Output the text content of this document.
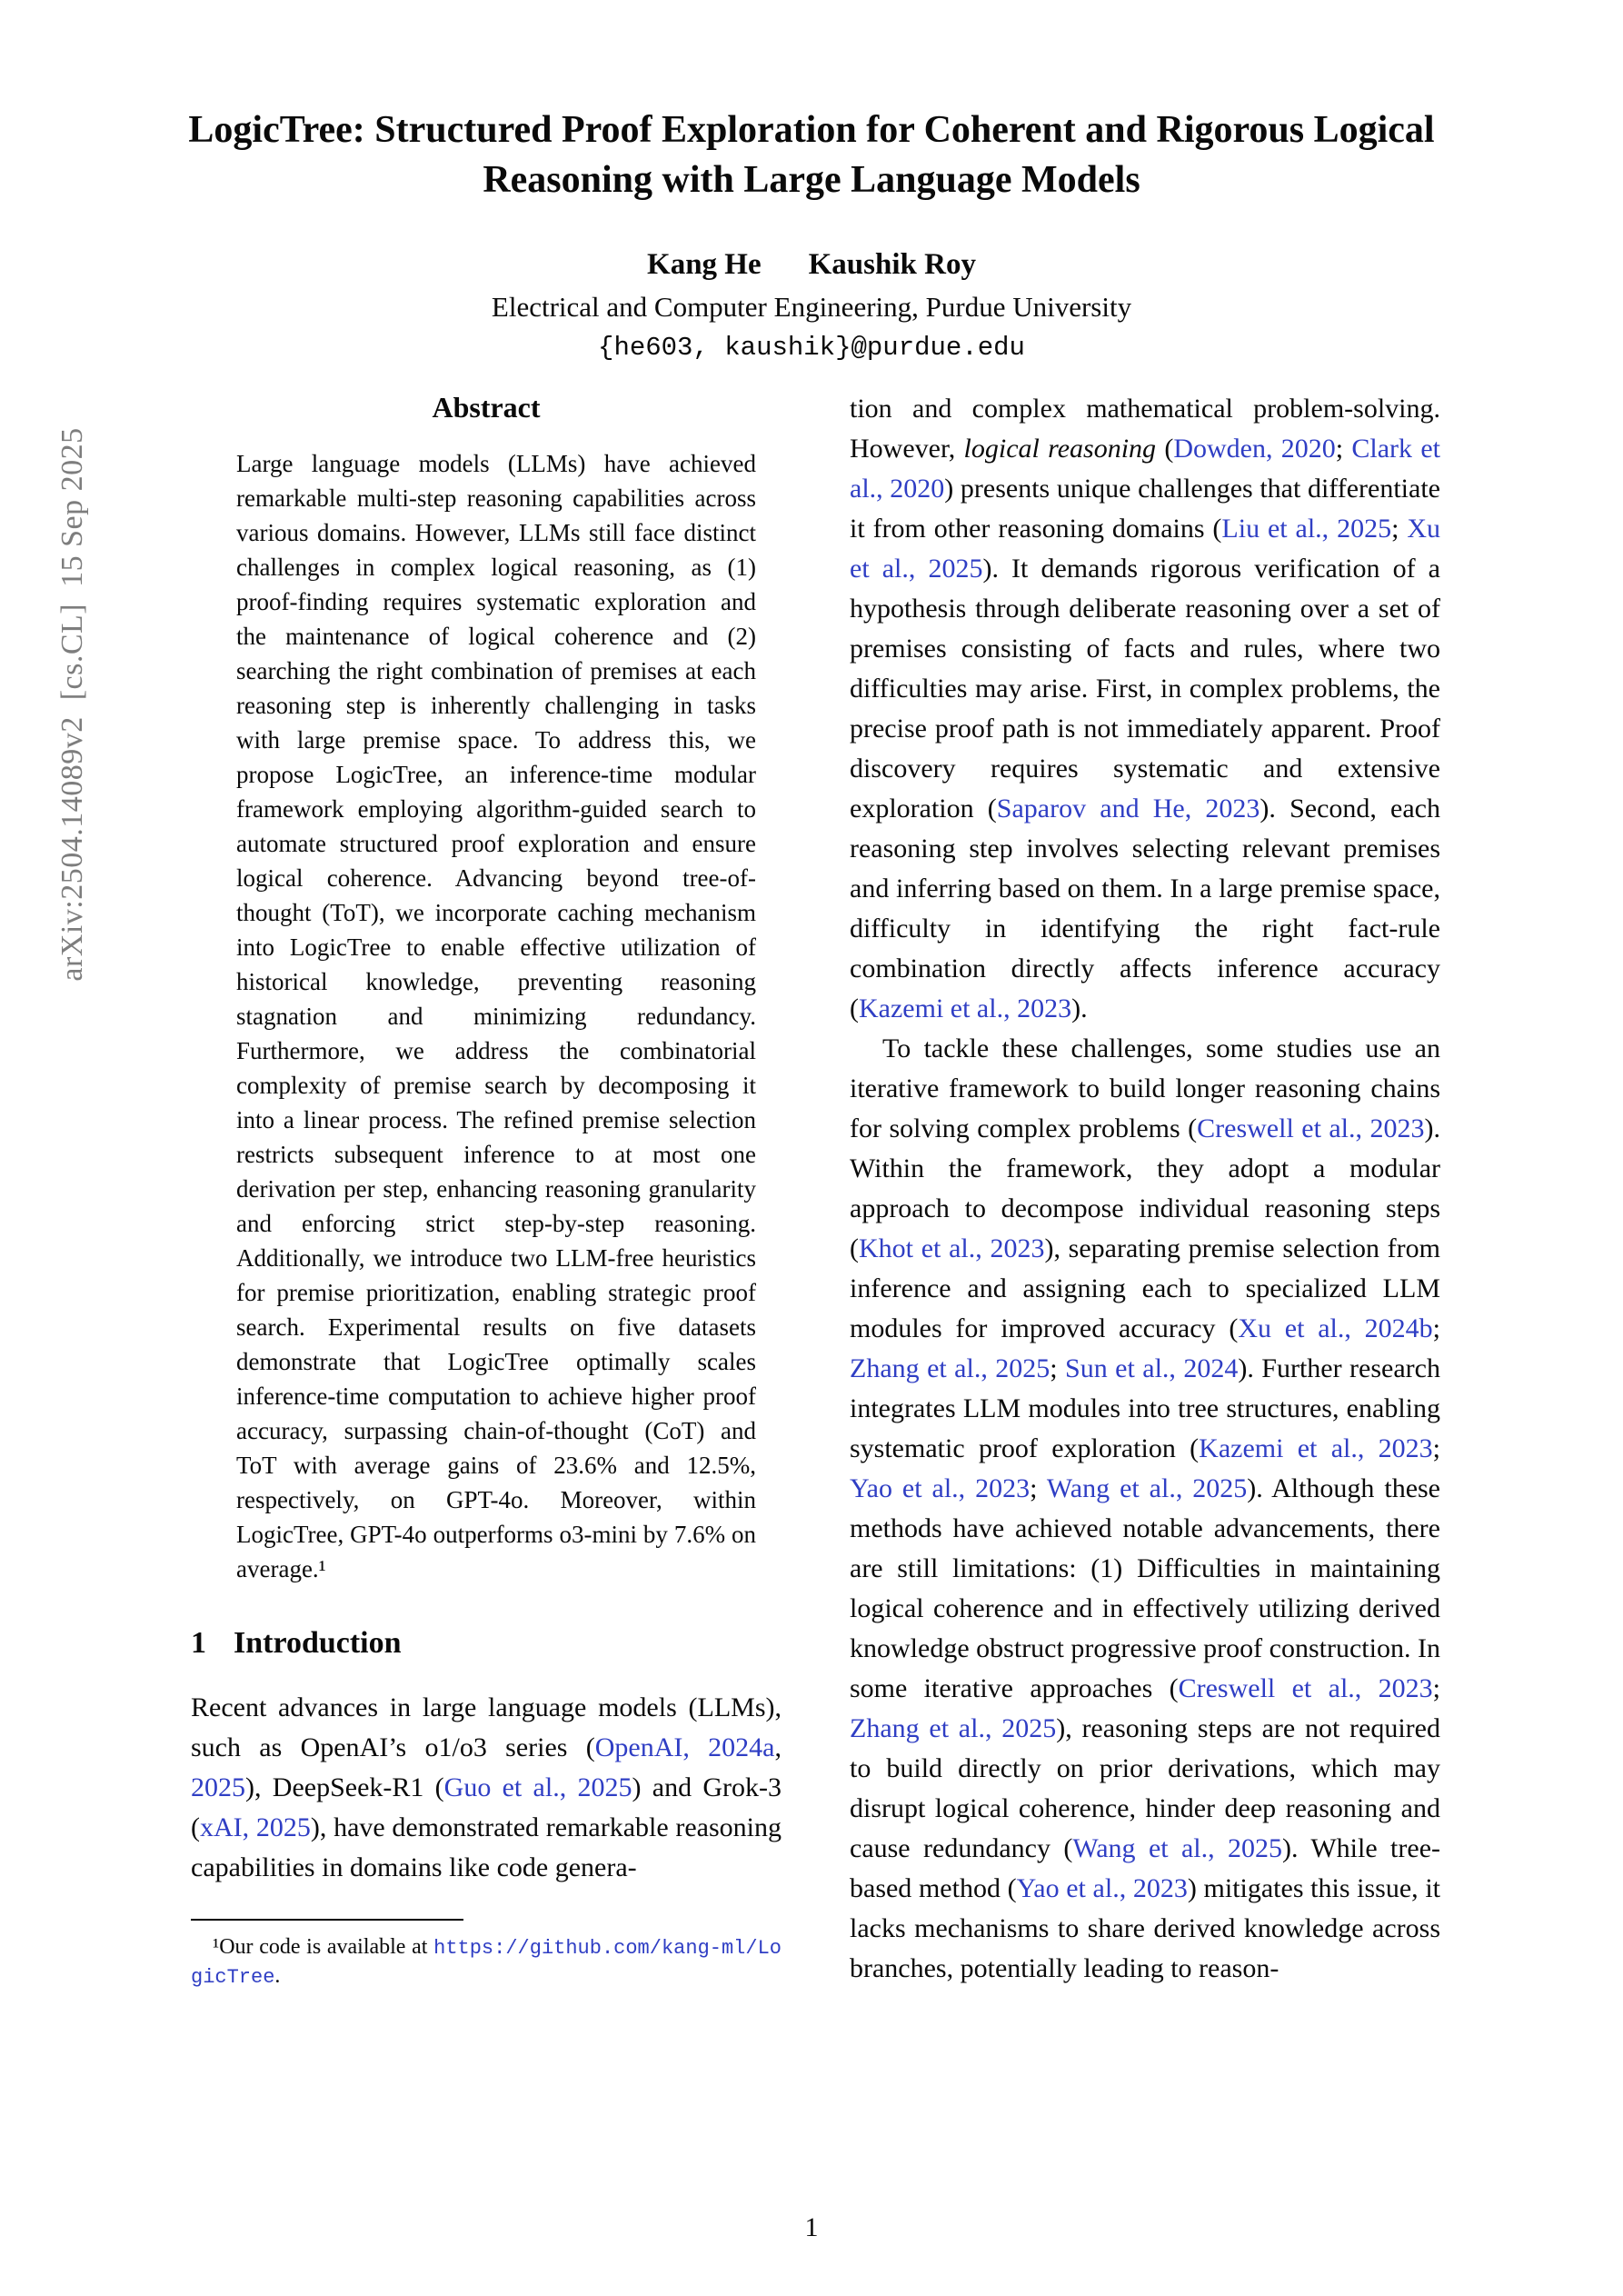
arXiv:2504.14089v2  [cs.CL]  15 Sep 2025
LogicTree: Structured Proof Exploration for Coherent and Rigorous Logical Reasoning with Large Language Models
Kang He Kaushik Roy
Electrical and Computer Engineering, Purdue University
{he603, kaushik}@purdue.edu
Abstract

Large language models (LLMs) have achieved remarkable multi-step reasoning capabilities across various domains. However, LLMs still face distinct challenges in complex logical reasoning, as (1) proof-finding requires systematic exploration and the maintenance of logical coherence and (2) searching the right combination of premises at each reasoning step is inherently challenging in tasks with large premise space. To address this, we propose LogicTree, an inference-time modular framework employing algorithm-guided search to automate structured proof exploration and ensure logical coherence. Advancing beyond tree-of-thought (ToT), we incorporate caching mechanism into LogicTree to enable effective utilization of historical knowledge, preventing reasoning stagnation and minimizing redundancy. Furthermore, we address the combinatorial complexity of premise search by decomposing it into a linear process. The refined premise selection restricts subsequent inference to at most one derivation per step, enhancing reasoning granularity and enforcing strict step-by-step reasoning. Additionally, we introduce two LLM-free heuristics for premise prioritization, enabling strategic proof search. Experimental results on five datasets demonstrate that LogicTree optimally scales inference-time computation to achieve higher proof accuracy, surpassing chain-of-thought (CoT) and ToT with average gains of 23.6% and 12.5%, respectively, on GPT-4o. Moreover, within LogicTree, GPT-4o outperforms o3-mini by 7.6% on average.¹

1 Introduction

Recent advances in large language models (LLMs), such as OpenAI’s o1/o3 series (OpenAI, 2024a, 2025), DeepSeek-R1 (Guo et al., 2025) and Grok-3 (xAI, 2025), have demonstrated remarkable reasoning capabilities in domains like code genera-

¹Our code is available at https://github.com/kang-ml/LogicTree.

tion and complex mathematical problem-solving. However, logical reasoning (Dowden, 2020; Clark et al., 2020) presents unique challenges that differentiate it from other reasoning domains (Liu et al., 2025; Xu et al., 2025). It demands rigorous verification of a hypothesis through deliberate reasoning over a set of premises consisting of facts and rules, where two difficulties may arise. First, in complex problems, the precise proof path is not immediately apparent. Proof discovery requires systematic and extensive exploration (Saparov and He, 2023). Second, each reasoning step involves selecting relevant premises and inferring based on them. In a large premise space, difficulty in identifying the right fact-rule combination directly affects inference accuracy (Kazemi et al., 2023).

To tackle these challenges, some studies use an iterative framework to build longer reasoning chains for solving complex problems (Creswell et al., 2023). Within the framework, they adopt a modular approach to decompose individual reasoning steps (Khot et al., 2023), separating premise selection from inference and assigning each to specialized LLM modules for improved accuracy (Xu et al., 2024b; Zhang et al., 2025; Sun et al., 2024). Further research integrates LLM modules into tree structures, enabling systematic proof exploration (Kazemi et al., 2023; Yao et al., 2023; Wang et al., 2025). Although these methods have achieved notable advancements, there are still limitations: (1) Difficulties in maintaining logical coherence and in effectively utilizing derived knowledge obstruct progressive proof construction. In some iterative approaches (Creswell et al., 2023; Zhang et al., 2025), reasoning steps are not required to build directly on prior derivations, which may disrupt logical coherence, hinder deep reasoning and cause redundancy (Wang et al., 2025). While tree-based method (Yao et al., 2023) mitigates this issue, it lacks mechanisms to share derived knowledge across branches, potentially leading to reason-

1
